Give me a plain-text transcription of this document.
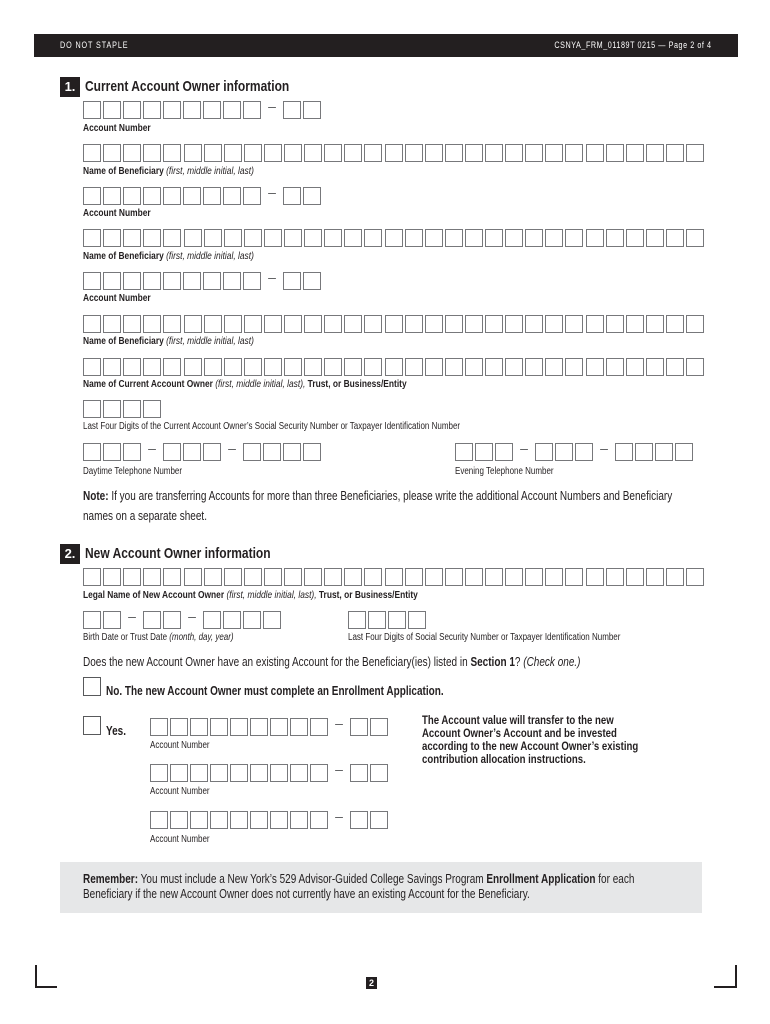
DO NOT STAPLE	CSNYA_FRM_01189T 0215 — Page 2 of 4
1. Current Account Owner information
–
Account Number
Name of Beneficiary (first, middle initial, last)
–
Account Number
Name of Beneficiary (first, middle initial, last)
–
Account Number
Name of Beneficiary (first, middle initial, last)
Name of Current Account Owner (first, middle initial, last), Trust, or Business/Entity
Last Four Digits of the Current Account Owner’s Social Security Number or Taxpayer Identification Number
–	–	–	–
Daytime Telephone Number	Evening Telephone Number
Note: If you are transferring Accounts for more than three Beneficiaries, please write the additional Account Numbers and Beneficiary
names on a separate sheet.
2. New Account Owner information
Legal Name of New Account Owner (first, middle initial, last), Trust, or Business/Entity
–	–
Birth Date or Trust Date (month, day, year)	Last Four Digits of Social Security Number or Taxpayer Identification Number
Does the new Account Owner have an existing Account for the Beneficiary(ies) listed in Section 1? (Check one.)
No. The new Account Owner must complete an Enrollment Application.
Yes.	–
Account Number
–
Account Number
–
Account Number
The Account value will transfer to the new
Account Owner’s Account and be invested
according to the new Account Owner’s existing
contribution allocation instructions.
Remember: You must include a New York’s 529 Advisor-Guided College Savings Program Enrollment Application for each
Beneficiary if the new Account Owner does not currently have an existing Account for the Beneficiary.
2
